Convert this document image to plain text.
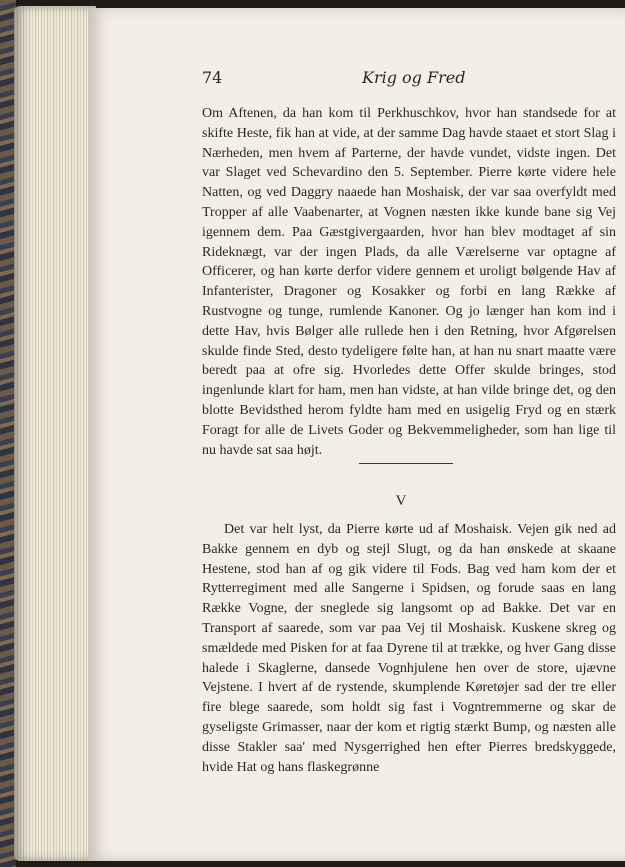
74	Krig og Fred

Om Aftenen, da han kom til Perkhuschkov, hvor han standsede for at skifte Heste, fik han at vide, at der samme Dag havde staaet et stort Slag i Nærheden, men hvem af Parterne, der havde vundet, vidste ingen. Det var Slaget ved Schevardino den 5. September. Pierre kørte videre hele Natten, og ved Daggry naaede han Moshaisk, der var saa overfyldt med Tropper af alle Vaabenarter, at Vognen næsten ikke kunde bane sig Vej igennem dem. Paa Gæstgivergaarden, hvor han blev modtaget af sin Rideknægt, var der ingen Plads, da alle Værelserne var optagne af Officerer, og han kørte derfor videre gennem et uroligt bølgende Hav af Infanterister, Dragoner og Kosakker og forbi en lang Række af Rustvogne og tunge, rumlende Kanoner. Og jo længer han kom ind i dette Hav, hvis Bølger alle rullede hen i den Retning, hvor Afgørelsen skulde finde Sted, desto tydeligere følte han, at han nu snart maatte være beredt paa at ofre sig. Hvorledes dette Offer skulde bringes, stod ingenlunde klart for ham, men han vidste, at han vilde bringe det, og den blotte Bevidsthed herom fyldte ham med en usigelig Fryd og en stærk Foragt for alle de Livets Goder og Bekvemmeligheder, som han lige til nu havde sat saa højt.

V

Det var helt lyst, da Pierre kørte ud af Moshaisk. Vejen gik ned ad Bakke gennem en dyb og stejl Slugt, og da han ønskede at skaane Hestene, stod han af og gik videre til Fods. Bag ved ham kom der et Rytterregiment med alle Sangerne i Spidsen, og forude saas en lang Række Vogne, der sneglede sig langsomt op ad Bakke. Det var en Transport af saarede, som var paa Vej til Moshaisk. Kuskene skreg og smældede med Pisken for at faa Dyrene til at trække, og hver Gang disse halede i Skaglerne, dansede Vognhjulene hen over de store, ujævne Vejstene. I hvert af de rystende, skumplende Køretøjer sad der tre eller fire blege saarede, som holdt sig fast i Vogntremmerne og skar de gyseligste Grimasser, naar der kom et rigtig stærkt Bump, og næsten alle disse Stakler saa' med Nysgerrighed hen efter Pierres bredskyggede, hvide Hat og hans flaskegrønne
